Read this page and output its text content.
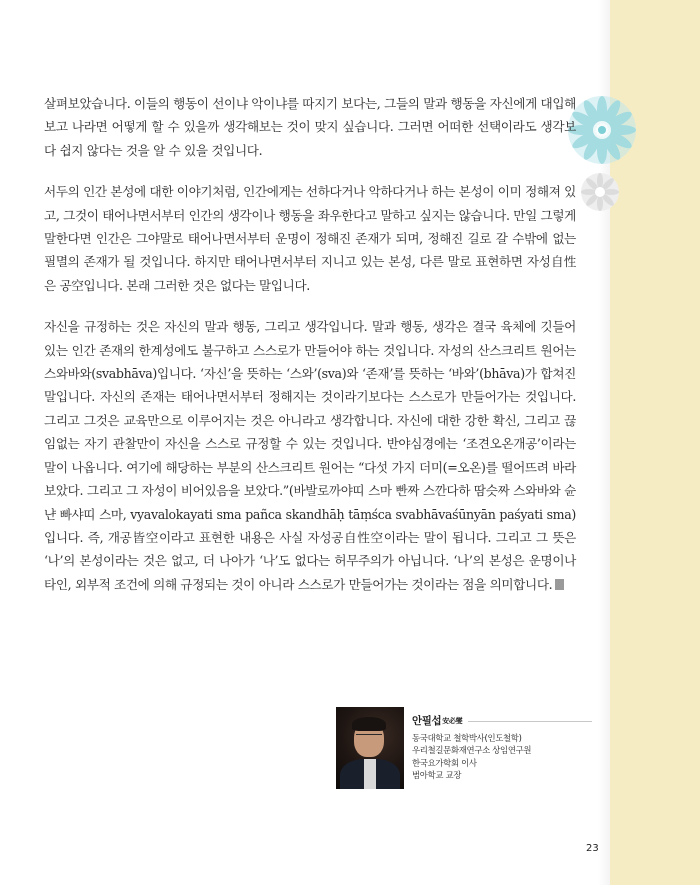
살펴보았습니다. 이들의 행동이 선이냐 악이냐를 따지기 보다는, 그들의 말과 행동을 자신에게 대입해보고 나라면 어떻게 할 수 있을까 생각해보는 것이 맞지 싶습니다. 그러면 어떠한 선택이라도 생각보다 쉽지 않다는 것을 알 수 있을 것입니다.

서두의 인간 본성에 대한 이야기처럼, 인간에게는 선하다거나 악하다거나 하는 본성이 이미 정해져 있고, 그것이 태어나면서부터 인간의 생각이나 행동을 좌우한다고 말하고 싶지는 않습니다. 만일 그렇게 말한다면 인간은 그야말로 태어나면서부터 운명이 정해진 존재가 되며, 정해진 길로 갈 수밖에 없는 필멸의 존재가 될 것입니다. 하지만 태어나면서부터 지니고 있는 본성, 다른 말로 표현하면 자성自性은 공空입니다. 본래 그러한 것은 없다는 말입니다.

자신을 규정하는 것은 자신의 말과 행동, 그리고 생각입니다. 말과 행동, 생각은 결국 육체에 깃들어 있는 인간 존재의 한계성에도 불구하고 스스로가 만들어야 하는 것입니다. 자성의 산스크리트 원어는 스와바와(svabhāva)입니다. ‘자신’을 뜻하는 ‘스와’(sva)와 ‘존재’를 뜻하는 ‘바와’(bhāva)가 합쳐진 말입니다. 자신의 존재는 태어나면서부터 정해지는 것이라기보다는 스스로가 만들어가는 것입니다. 그리고 그것은 교육만으로 이루어지는 것은 아니라고 생각합니다. 자신에 대한 강한 확신, 그리고 끊임없는 자기 관찰만이 자신을 스스로 규정할 수 있는 것입니다. 반야심경에는 ‘조견오온개공’이라는 말이 나옵니다. 여기에 해당하는 부분의 산스크리트 원어는 “다섯 가지 더미(=오온)를 떨어뜨려 바라보았다. 그리고 그 자성이 비어있음을 보았다.”(바발로까야띠 스마 빤짜 스깐다하 땀슷짜 스와바와 슌냔 빠샤띠 스마, vyavalokayati sma pañca skandhāḥ tāṃśca svabhāvaśūnyān paśyati sma)입니다. 즉, 개공皆空이라고 표현한 내용은 사실 자성공自性空이라는 말이 됩니다. 그리고 그 뜻은 ‘나’의 본성이라는 것은 없고, 더 나아가 ‘나’도 없다는 허무주의가 아닙니다. ‘나’의 본성은 운명이나 타인, 외부적 조건에 의해 규정되는 것이 아니라 스스로가 만들어가는 것이라는 점을 의미합니다.

안필섭 安必燮
동국대학교 철학박사(인도철학)
우리철길문화재연구소 상임연구원
한국요가학회 이사
범아학교 교장
23
